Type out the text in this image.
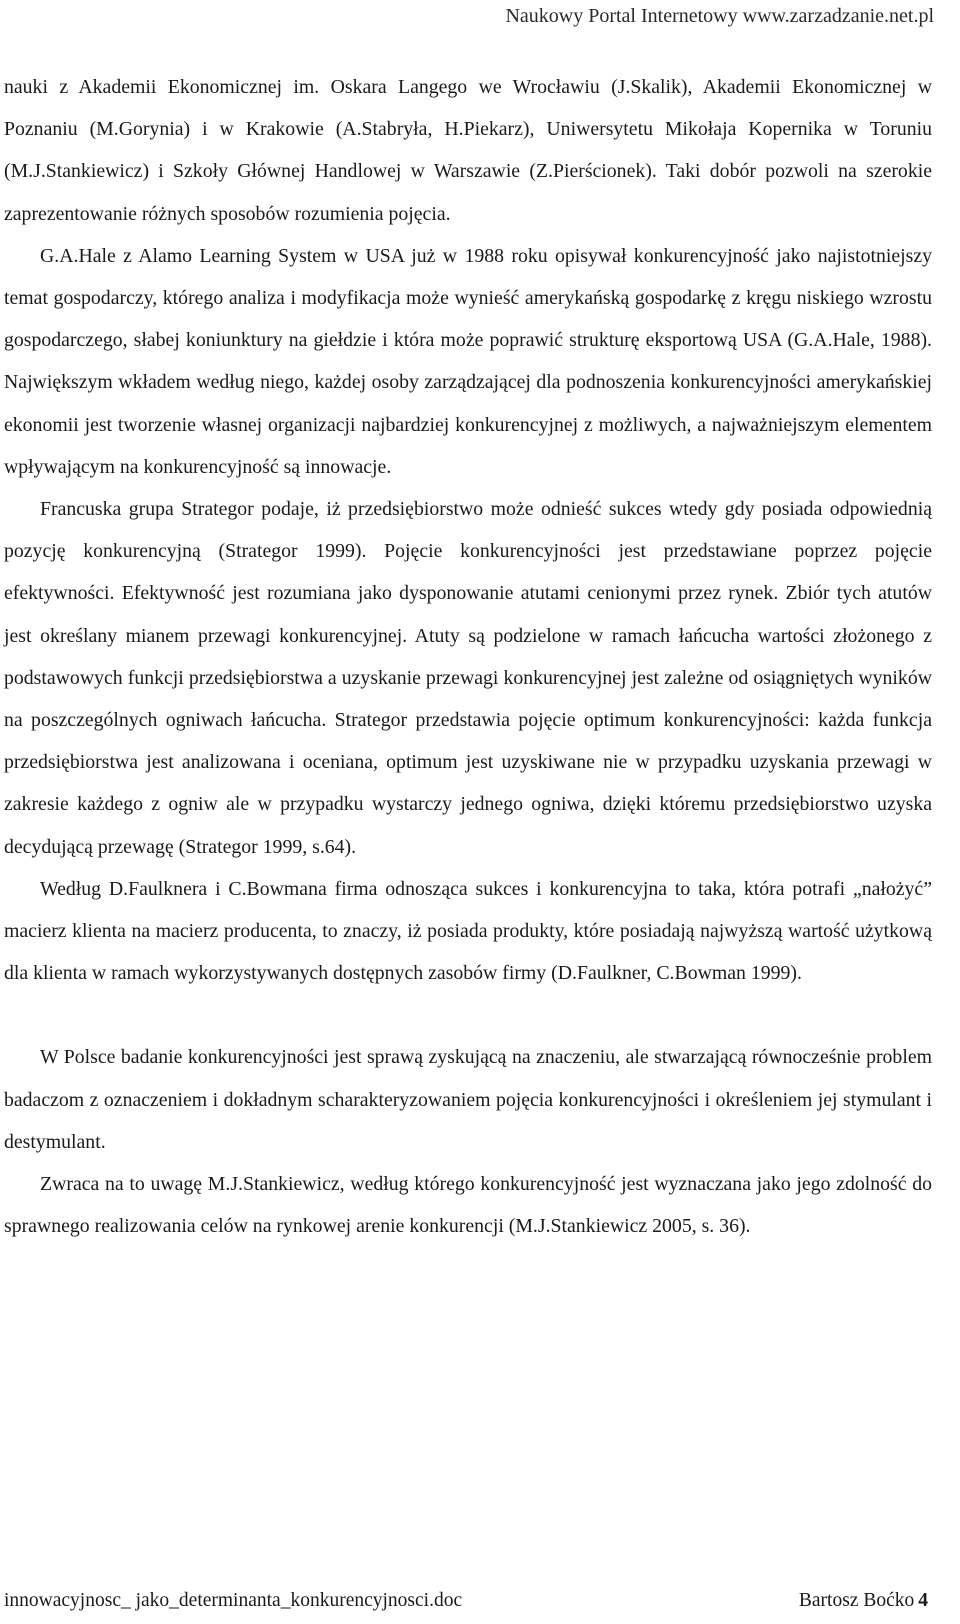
Naukowy Portal Internetowy www.zarzadzanie.net.pl

nauki z Akademii Ekonomicznej im. Oskara Langego we Wrocławiu (J.Skalik), Akademii Ekonomicznej w Poznaniu (M.Gorynia) i w Krakowie (A.Stabryła, H.Piekarz), Uniwersytetu Mikołaja Kopernika w Toruniu (M.J.Stankiewicz) i Szkoły Głównej Handlowej w Warszawie (Z.Pierścionek). Taki dobór pozwoli na szerokie zaprezentowanie różnych sposobów rozumienia pojęcia.

G.A.Hale z Alamo Learning System w USA już w 1988 roku opisywał konkurencyjność jako najistotniejszy temat gospodarczy, którego analiza i modyfikacja może wynieść amerykańską gospodarkę z kręgu niskiego wzrostu gospodarczego, słabej koniunktury na giełdzie i która może poprawić strukturę eksportową USA (G.A.Hale, 1988). Największym wkładem według niego, każdej osoby zarządzającej dla podnoszenia konkurencyjności amerykańskiej ekonomii jest tworzenie własnej organizacji najbardziej konkurencyjnej z możliwych, a najważniejszym elementem wpływającym na konkurencyjność są innowacje.

Francuska grupa Strategor podaje, iż przedsiębiorstwo może odnieść sukces wtedy gdy posiada odpowiednią pozycję konkurencyjną (Strategor 1999). Pojęcie konkurencyjności jest przedstawiane poprzez pojęcie efektywności. Efektywność jest rozumiana jako dysponowanie atutami cenionymi przez rynek. Zbiór tych atutów jest określany mianem przewagi konkurencyjnej. Atuty są podzielone w ramach łańcucha wartości złożonego z podstawowych funkcji przedsiębiorstwa a uzyskanie przewagi konkurencyjnej jest zależne od osiągniętych wyników na poszczególnych ogniwach łańcucha. Strategor przedstawia pojęcie optimum konkurencyjności: każda funkcja przedsiębiorstwa jest analizowana i oceniana, optimum jest uzyskiwane nie w przypadku uzyskania przewagi w zakresie każdego z ogniw ale w przypadku wystarczy jednego ogniwa, dzięki któremu przedsiębiorstwo uzyska decydującą przewagę (Strategor 1999, s.64).

Według D.Faulknera i C.Bowmana firma odnosząca sukces i konkurencyjna to taka, która potrafi „nałożyć” macierz klienta na macierz producenta, to znaczy, iż posiada produkty, które posiadają najwyższą wartość użytkową dla klienta w ramach wykorzystywanych dostępnych zasobów firmy (D.Faulkner, C.Bowman 1999).

W Polsce badanie konkurencyjności jest sprawą zyskującą na znaczeniu, ale stwarzającą równocześnie problem badaczom z oznaczeniem i dokładnym scharakteryzowaniem pojęcia konkurencyjności i określeniem jej stymulant i destymulant.

Zwraca na to uwagę M.J.Stankiewicz, według którego konkurencyjność jest wyznaczana jako jego zdolność do sprawnego realizowania celów na rynkowej arenie konkurencji (M.J.Stankiewicz 2005, s. 36).

innowacyjnosc_ jako_determinanta_konkurencyjnosci.doc	Bartosz Boćko 4
